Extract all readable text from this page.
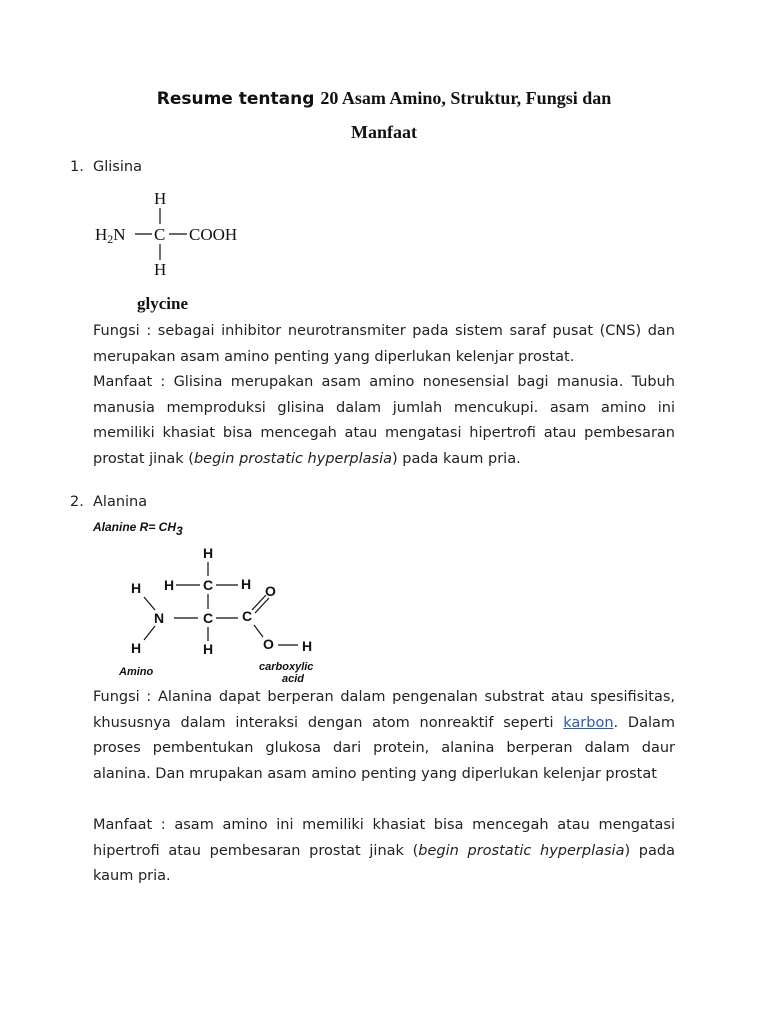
Resume tentang 20 Asam Amino, Struktur, Fungsi dan
Manfaat
1. Glisina
H
H2N C COOH
H
glycine
Fungsi : sebagai inhibitor neurotransmiter pada sistem saraf pusat (CNS) dan merupakan asam amino penting yang diperlukan kelenjar prostat.
Manfaat : Glisina merupakan asam amino nonesensial bagi manusia. Tubuh manusia memproduksi glisina dalam jumlah mencukupi. asam amino ini memiliki khasiat bisa mencegah atau mengatasi hipertrofi atau pembesaran prostat jinak (begin prostatic hyperplasia) pada kaum pria.
2. Alanina
Alanine R= CH3
H
H H C H O
N	C C
H	H	O H
Amino	carboxylic
acid
Fungsi : Alanina dapat berperan dalam pengenalan substrat atau spesifisitas, khususnya dalam interaksi dengan atom nonreaktif seperti karbon. Dalam proses pembentukan glukosa dari protein, alanina berperan dalam daur alanina. Dan mrupakan asam amino penting yang diperlukan kelenjar prostat
Manfaat : asam amino ini memiliki khasiat bisa mencegah atau mengatasi hipertrofi atau pembesaran prostat jinak (begin prostatic hyperplasia) pada kaum pria.
